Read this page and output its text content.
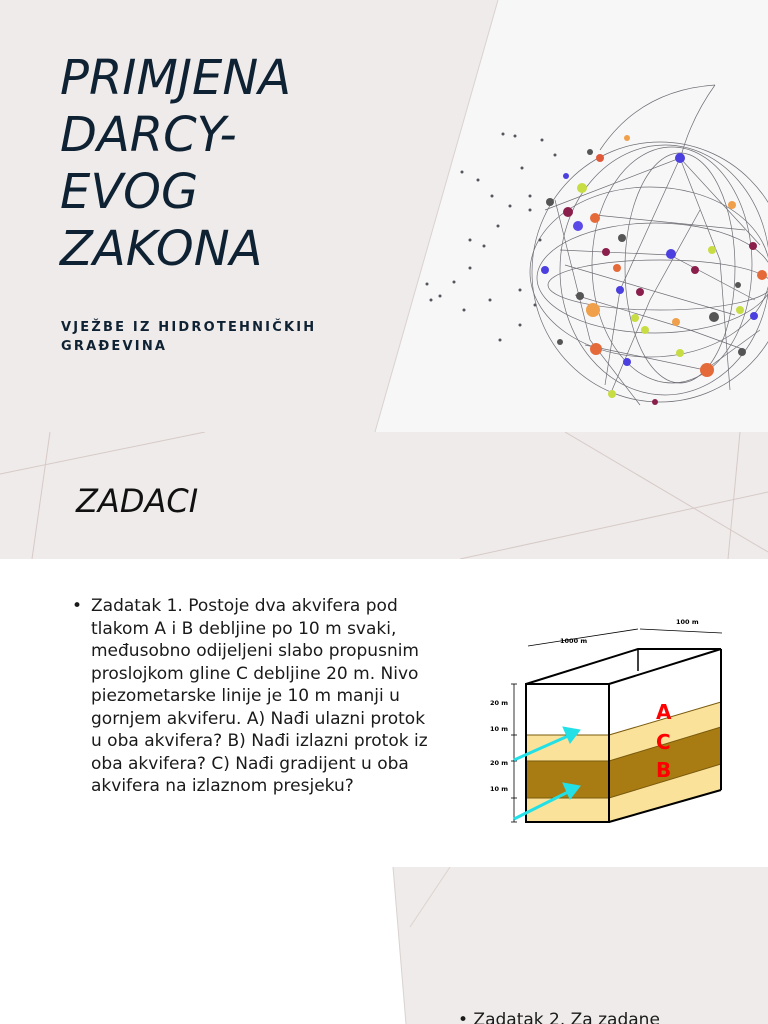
PRIMJENA DARCY-EVOG ZAKONA

VJEŽBE IZ HIDROTEHNIČKIH GRAĐEVINA

ZADACI
• Zadatak 1. Postoje dva akvifera pod tlakom A i B debljine po 10 m svaki, međusobno odijeljeni slabo propusnim proslojkom gline C debljine 20 m. Nivo piezometarske linije je 10 m manji u gornjem akviferu. A) Nađi ulazni protok u oba akvifera? B) Nađi izlazni protok iz oba akvifera? C) Nađi gradijent u oba akvifera na izlaznom presjeku?
1000 m
100 m
20 m
10 m
20 m
10 m
A
C
B
• Zadatak 2. Za zadane
